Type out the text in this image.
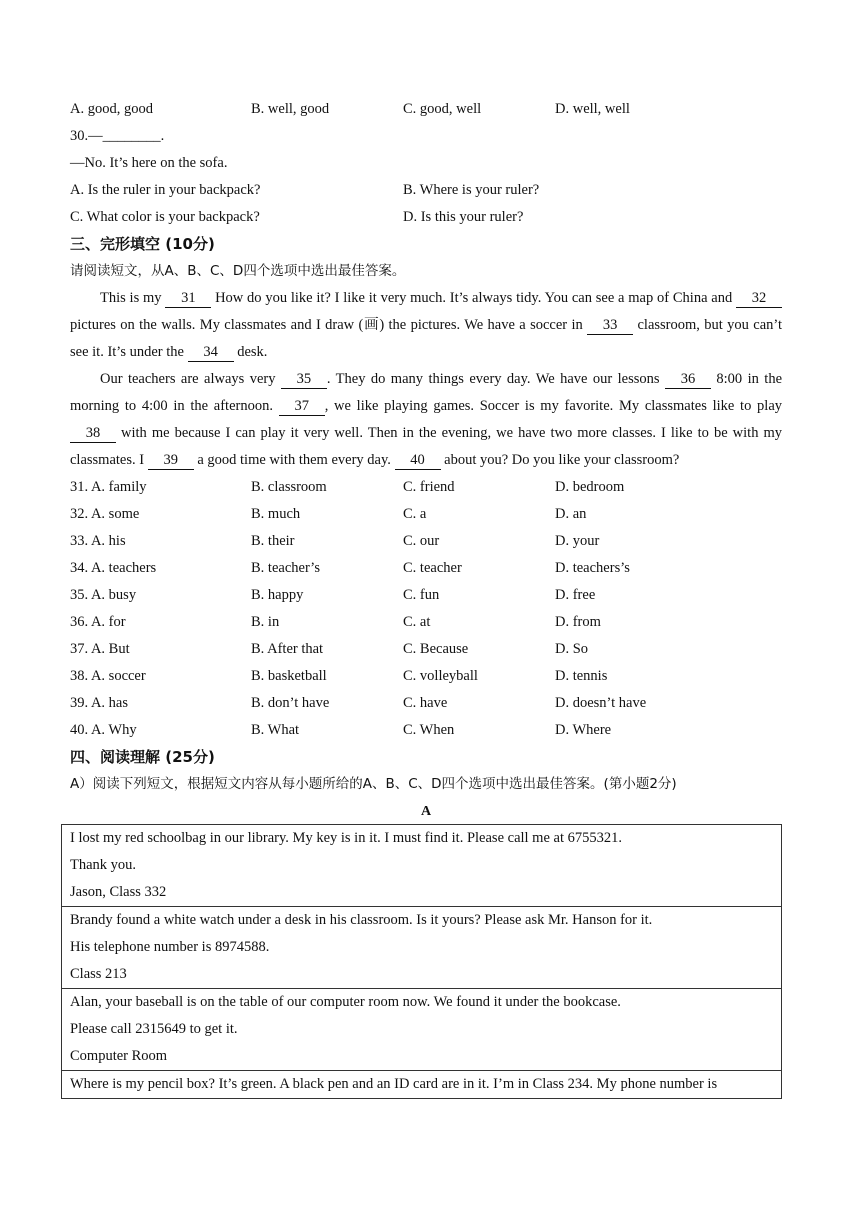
A. good, good	B. well, good	C. good, well	D. well, well
30.—________.
—No. It’s here on the sofa.
A. Is the ruler in your backpack?	B. Where is your ruler?
C. What color is your backpack?	D. Is this your ruler?
三、完形填空 (10分)
请阅读短文，从A、B、C、D四个选项中选出最佳答案。
This is my 31 How do you like it? I like it very much. It’s always tidy. You can see a map of China and 32 pictures on the walls. My classmates and I draw (画) the pictures. We have a soccer in 33 classroom, but you can’t see it. It’s under the 34 desk.
Our teachers are always very 35 . They do many things every day. We have our lessons 36 8:00 in the morning to 4:00 in the afternoon. 37 , we like playing games. Soccer is my favorite. My classmates like to play 38 with me because I can play it very well. Then in the evening, we have two more classes. I like to be with my classmates. I 39 a good time with them every day. 40 about you? Do you like your classroom?
31. A. family	B. classroom	C. friend	D. bedroom
32. A. some	B. much	C. a	D. an
33. A. his	B. their	C. our	D. your
34. A. teachers	B. teacher’s	C. teacher	D. teachers’s
35. A. busy	B. happy	C. fun	D. free
36. A. for	B. in	C. at	D. from
37. A. But	B. After that	C. Because	D. So
38. A. soccer	B. basketball	C. volleyball	D. tennis
39. A. has	B. don’t have	C. have	D. doesn’t have
40. A. Why	B. What	C. When	D. Where
四、阅读理解 (25分)
A）阅读下列短文，根据短文内容从每小题所给的A、B、C、D四个选项中选出最佳答案。(第小题2分)
A
I lost my red schoolbag in our library. My key is in it. I must find it. Please call me at 6755321.
Thank you.
Jason, Class 332

Brandy found a white watch under a desk in his classroom. Is it yours? Please ask Mr. Hanson for it.
His telephone number is 8974588.
Class 213

Alan, your baseball is on the table of our computer room now. We found it under the bookcase.
Please call 2315649 to get it.
Computer Room

Where is my pencil box? It’s green. A black pen and an ID card are in it. I’m in Class 234. My phone number is
